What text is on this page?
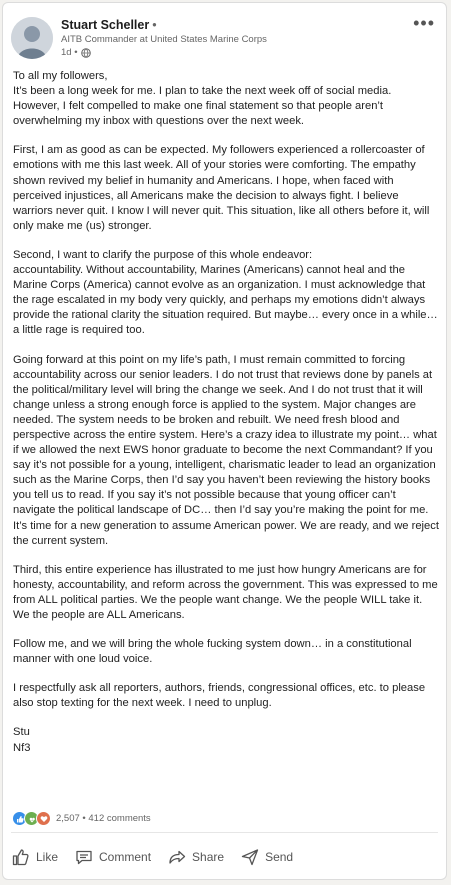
Stuart Scheller •
AITB Commander at United States Marine Corps
1d •
•••

To all my followers,
It’s been a long week for me. I plan to take the next week off of social media. However, I felt compelled to make one final statement so that people aren’t overwhelming my inbox with questions over the next week.

First, I am as good as can be expected. My followers experienced a rollercoaster of emotions with me this last week. All of your stories were comforting. The empathy shown revived my belief in humanity and Americans. I hope, when faced with perceived injustices, all Americans make the decision to always fight. I believe warriors never quit. I know I will never quit. This situation, like all others before it, will only make me (us) stronger.

Second, I want to clarify the purpose of this whole endeavor:
accountability. Without accountability, Marines (Americans) cannot heal and the Marine Corps (America) cannot evolve as an organization. I must acknowledge that the rage escalated in my body very quickly, and perhaps my emotions didn’t always provide the rational clarity the situation required. But maybe… every once in a while… a little rage is required too.

Going forward at this point on my life’s path, I must remain committed to forcing accountability across our senior leaders. I do not trust that reviews done by panels at the political/military level will bring the change we seek. And I do not trust that it will change unless a strong enough force is applied to the system. Major changes are needed. The system needs to be broken and rebuilt. We need fresh blood and perspective across the entire system. Here’s a crazy idea to illustrate my point… what if we allowed the next EWS honor graduate to become the next Commandant? If you say it’s not possible for a young, intelligent, charismatic leader to lead an organization such as the Marine Corps, then I’d say you haven’t been reviewing the history books you tell us to read. If you say it’s not possible because that young officer can’t navigate the political landscape of DC… then I’d say you’re making the point for me. It’s time for a new generation to assume American power. We are ready, and we reject the current system.

Third, this entire experience has illustrated to me just how hungry Americans are for honesty, accountability, and reform across the government. This was expressed to me from ALL political parties. We the people want change. We the people WILL take it. We the people are ALL Americans.

Follow me, and we will bring the whole fucking system down… in a constitutional manner with one loud voice.

I respectfully ask all reporters, authors, friends, congressional offices, etc. to please also stop texting for the next week. I need to unplug.

Stu
Nf3

2,507 • 412 comments
Like	Comment	Share	Send
